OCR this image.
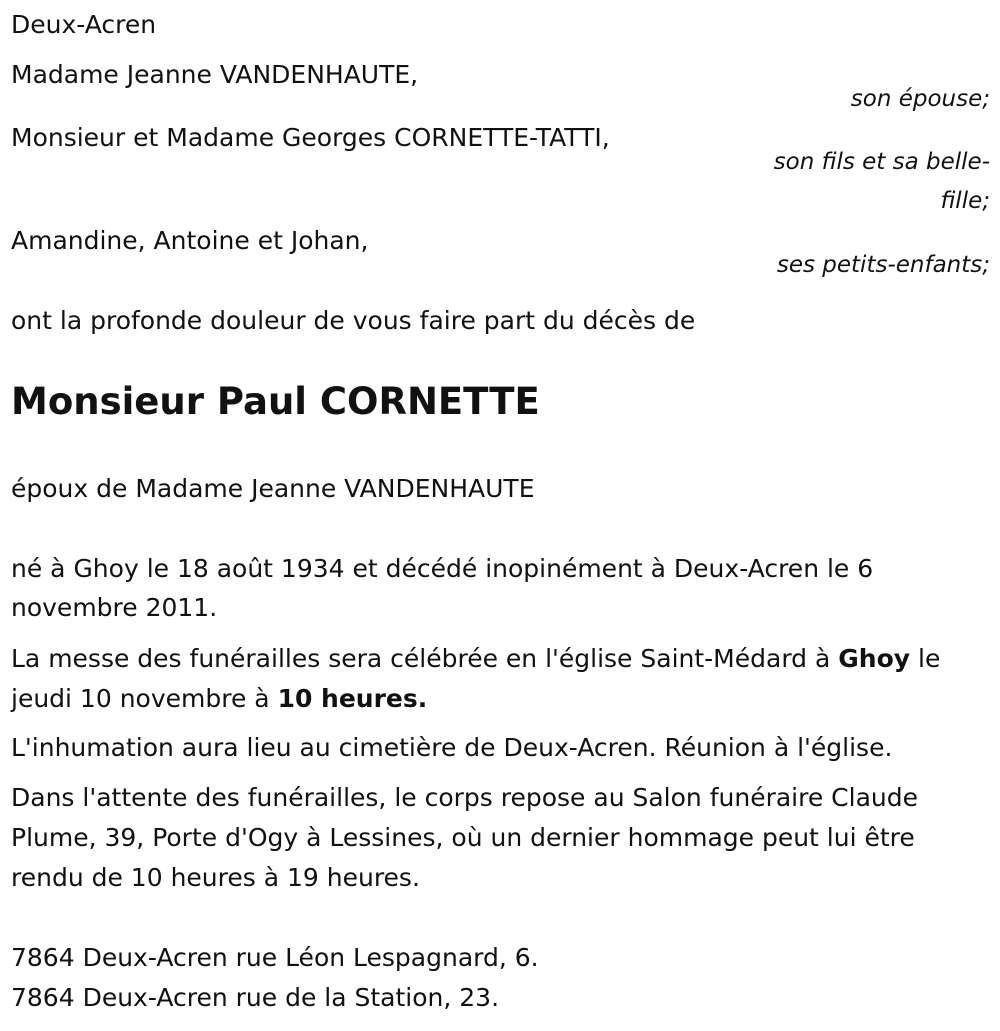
Deux-Acren
Madame Jeanne VANDENHAUTE,
son épouse;
Monsieur et Madame Georges CORNETTE-TATTI,
son fils et sa belle-
fille;
Amandine, Antoine et Johan,
ses petits-enfants;
ont la profonde douleur de vous faire part du décès de
Monsieur Paul CORNETTE
époux de Madame Jeanne VANDENHAUTE
né à Ghoy le 18 août 1934 et décédé inopinément à Deux-Acren le 6
novembre 2011.
La messe des funérailles sera célébrée en l'église Saint-Médard à Ghoy le
jeudi 10 novembre à 10 heures.
L'inhumation aura lieu au cimetière de Deux-Acren. Réunion à l'église.
Dans l'attente des funérailles, le corps repose au Salon funéraire Claude
Plume, 39, Porte d'Ogy à Lessines, où un dernier hommage peut lui être
rendu de 10 heures à 19 heures.
7864 Deux-Acren rue Léon Lespagnard, 6.
7864 Deux-Acren rue de la Station, 23.
